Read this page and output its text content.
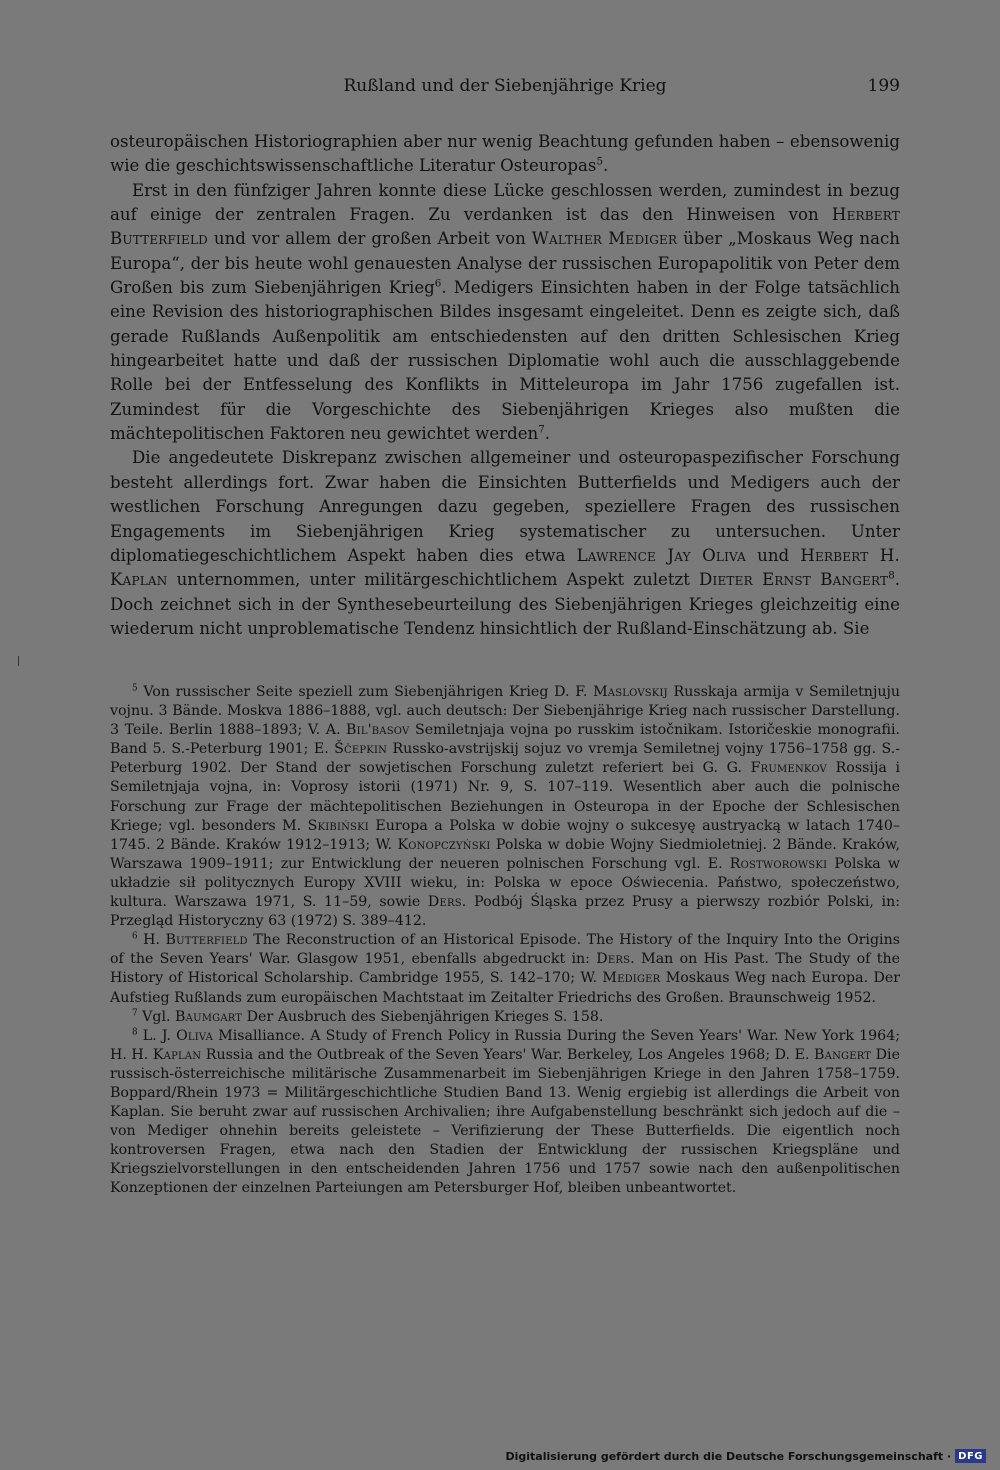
Rußland und der Siebenjährige Krieg	199

osteuropäischen Historiographien aber nur wenig Beachtung gefunden haben – ebensowenig wie die geschichtswissenschaftliche Literatur Osteuropas$^5$.

Erst in den fünfziger Jahren konnte diese Lücke geschlossen werden, zumindest in bezug auf einige der zentralen Fragen. Zu verdanken ist das den Hinweisen von Herbert Butterfield und vor allem der großen Arbeit von Walther Mediger über „Moskaus Weg nach Europa“, der bis heute wohl genauesten Analyse der russischen Europapolitik von Peter dem Großen bis zum Siebenjährigen Krieg$^6$. Medigers Einsichten haben in der Folge tatsächlich eine Revision des historiographischen Bildes insgesamt eingeleitet. Denn es zeigte sich, daß gerade Rußlands Außenpolitik am entschiedensten auf den dritten Schlesischen Krieg hingearbeitet hatte und daß der russischen Diplomatie wohl auch die ausschlaggebende Rolle bei der Entfesselung des Konflikts in Mitteleuropa im Jahr 1756 zugefallen ist. Zumindest für die Vorgeschichte des Siebenjährigen Krieges also mußten die mächtepolitischen Faktoren neu gewichtet werden$^7$.

Die angedeutete Diskrepanz zwischen allgemeiner und osteuropaspezifischer Forschung besteht allerdings fort. Zwar haben die Einsichten Butterfields und Medigers auch der westlichen Forschung Anregungen dazu gegeben, speziellere Fragen des russischen Engagements im Siebenjährigen Krieg systematischer zu untersuchen. Unter diplomatiegeschichtlichem Aspekt haben dies etwa Lawrence Jay Oliva und Herbert H. Kaplan unternommen, unter militärgeschichtlichem Aspekt zuletzt Dieter Ernst Bangert$^8$. Doch zeichnet sich in der Synthesebeurteilung des Siebenjährigen Krieges gleichzeitig eine wiederum nicht unproblematische Tendenz hinsichtlich der Rußland-Einschätzung ab. Sie

$^5$ Von russischer Seite speziell zum Siebenjährigen Krieg D. F. Maslovskij Russkaja armija v Semiletnjuju vojnu. 3 Bände. Moskva 1886–1888, vgl. auch deutsch: Der Siebenjährige Krieg nach russischer Darstellung. 3 Teile. Berlin 1888–1893; V. A. Bil'basov Semiletnjaja vojna po russkim istočnikam. Istoričeskie monografii. Band 5. S.-Peterburg 1901; E. Ščepkin Russko-avstrijskij sojuz vo vremja Semiletnej vojny 1756–1758 gg. S.-Peterburg 1902. Der Stand der sowjetischen Forschung zuletzt referiert bei G. G. Frumenkov Rossija i Semiletnjaja vojna, in: Voprosy istorii (1971) Nr. 9, S. 107–119. Wesentlich aber auch die polnische Forschung zur Frage der mächtepolitischen Beziehungen in Osteuropa in der Epoche der Schlesischen Kriege; vgl. besonders M. Skibiński Europa a Polska w dobie wojny o sukcesyę austryacką w latach 1740–1745. 2 Bände. Kraków 1912–1913; W. Konopczyński Polska w dobie Wojny Siedmioletniej. 2 Bände. Kraków, Warszawa 1909–1911; zur Entwicklung der neueren polnischen Forschung vgl. E. Rostworowski Polska w układzie sił politycznych Europy XVIII wieku, in: Polska w epoce Oświecenia. Państwo, społeczeństwo, kultura. Warszawa 1971, S. 11–59, sowie Ders. Podbój Śląska przez Prusy a pierwszy rozbiór Polski, in: Przegląd Historyczny 63 (1972) S. 389–412.

$^6$ H. Butterfield The Reconstruction of an Historical Episode. The History of the Inquiry Into the Origins of the Seven Years' War. Glasgow 1951, ebenfalls abgedruckt in: Ders. Man on His Past. The Study of the History of Historical Scholarship. Cambridge 1955, S. 142–170; W. Mediger Moskaus Weg nach Europa. Der Aufstieg Rußlands zum europäischen Machtstaat im Zeitalter Friedrichs des Großen. Braunschweig 1952.

$^7$ Vgl. Baumgart Der Ausbruch des Siebenjährigen Krieges S. 158.

$^8$ L. J. Oliva Misalliance. A Study of French Policy in Russia During the Seven Years' War. New York 1964; H. H. Kaplan Russia and the Outbreak of the Seven Years' War. Berkeley, Los Angeles 1968; D. E. Bangert Die russisch-österreichische militärische Zusammenarbeit im Siebenjährigen Kriege in den Jahren 1758–1759. Boppard/Rhein 1973 = Militärgeschichtliche Studien Band 13. Wenig ergiebig ist allerdings die Arbeit von Kaplan. Sie beruht zwar auf russischen Archivalien; ihre Aufgabenstellung beschränkt sich jedoch auf die – von Mediger ohnehin bereits geleistete – Verifizierung der These Butterfields. Die eigentlich noch kontroversen Fragen, etwa nach den Stadien der Entwicklung der russischen Kriegspläne und Kriegszielvorstellungen in den entscheidenden Jahren 1756 und 1757 sowie nach den außenpolitischen Konzeptionen der einzelnen Parteiungen am Petersburger Hof, bleiben unbeantwortet.

Digitalisierung gefördert durch die Deutsche Forschungsgemeinschaft · DFG
